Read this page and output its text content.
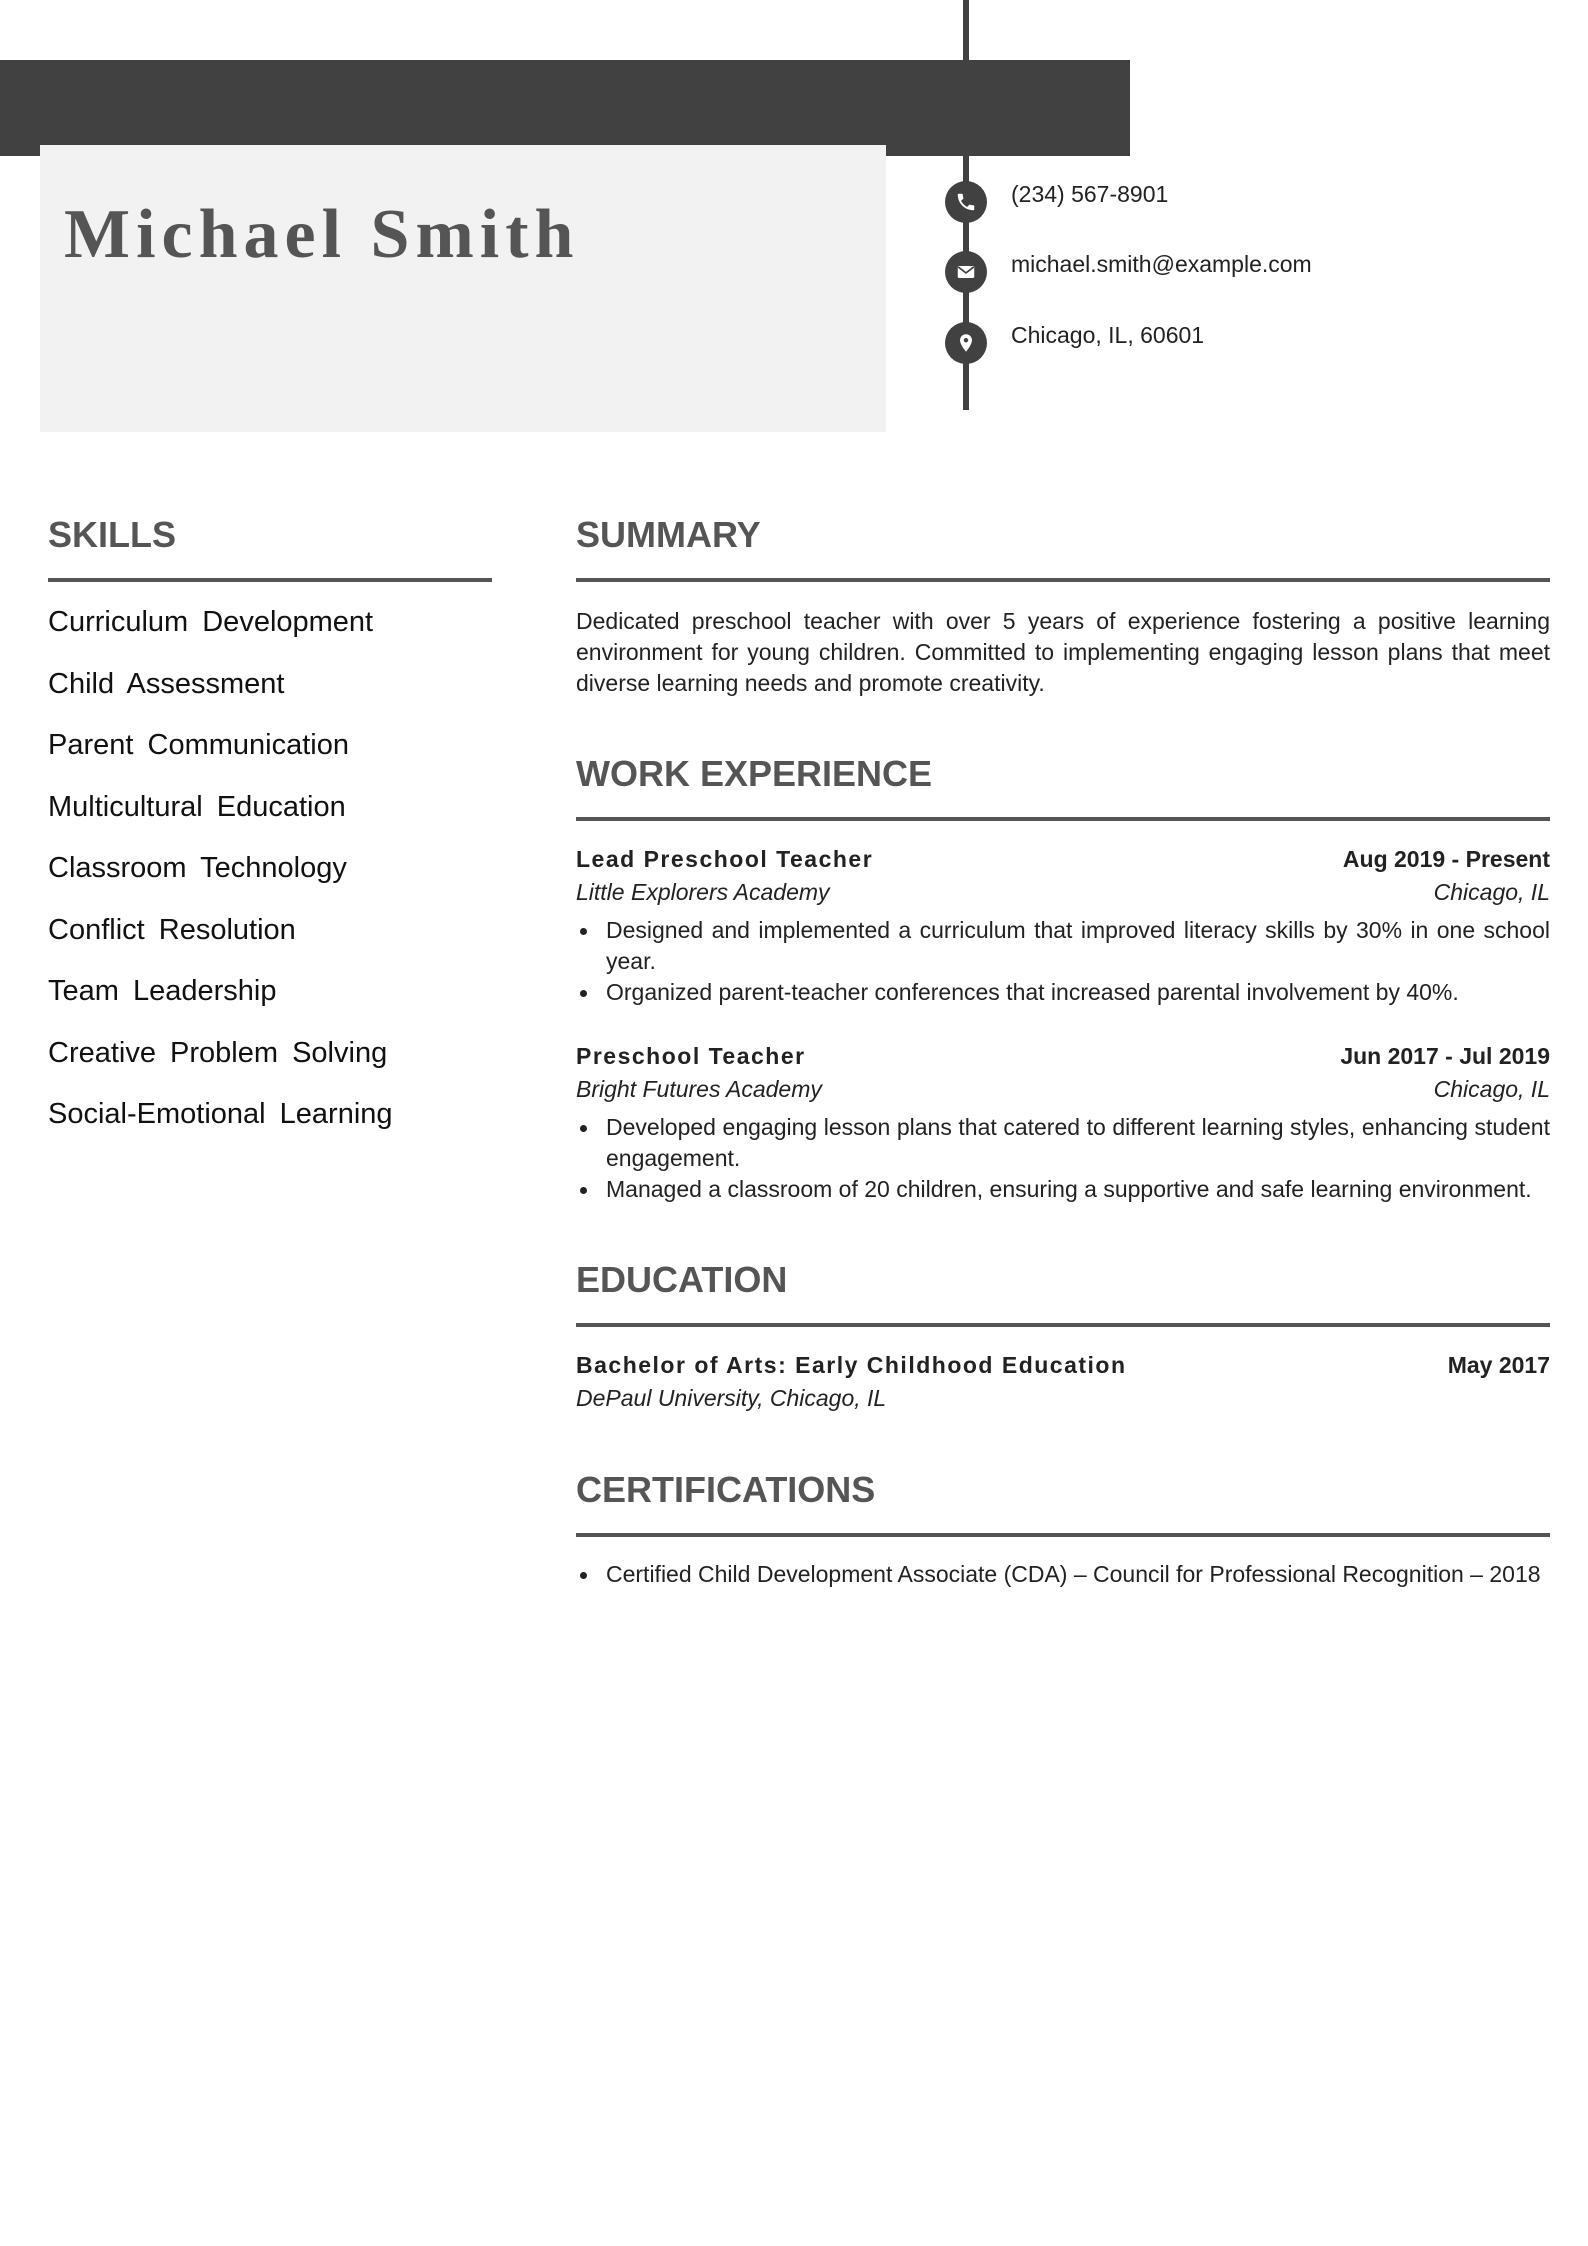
Michael Smith
(234) 567-8901
michael.smith@example.com
Chicago, IL, 60601
SKILLS
Curriculum Development
Child Assessment
Parent Communication
Multicultural Education
Classroom Technology
Conflict Resolution
Team Leadership
Creative Problem Solving
Social-Emotional Learning
SUMMARY

Dedicated preschool teacher with over 5 years of experience fostering a positive learning environment for young children. Committed to implementing engaging lesson plans that meet diverse learning needs and promote creativity.

WORK EXPERIENCE
Lead Preschool Teacher	Aug 2019 - Present
Little Explorers Academy	Chicago, IL
Designed and implemented a curriculum that improved literacy skills by 30% in one school year.
Organized parent-teacher conferences that increased parental involvement by 40%.
Preschool Teacher	Jun 2017 - Jul 2019
Bright Futures Academy	Chicago, IL
Developed engaging lesson plans that catered to different learning styles, enhancing student engagement.
Managed a classroom of 20 children, ensuring a supportive and safe learning environment.
EDUCATION
Bachelor of Arts: Early Childhood Education	May 2017
DePaul University, Chicago, IL
CERTIFICATIONS
Certified Child Development Associate (CDA) – Council for Professional Recognition – 2018
